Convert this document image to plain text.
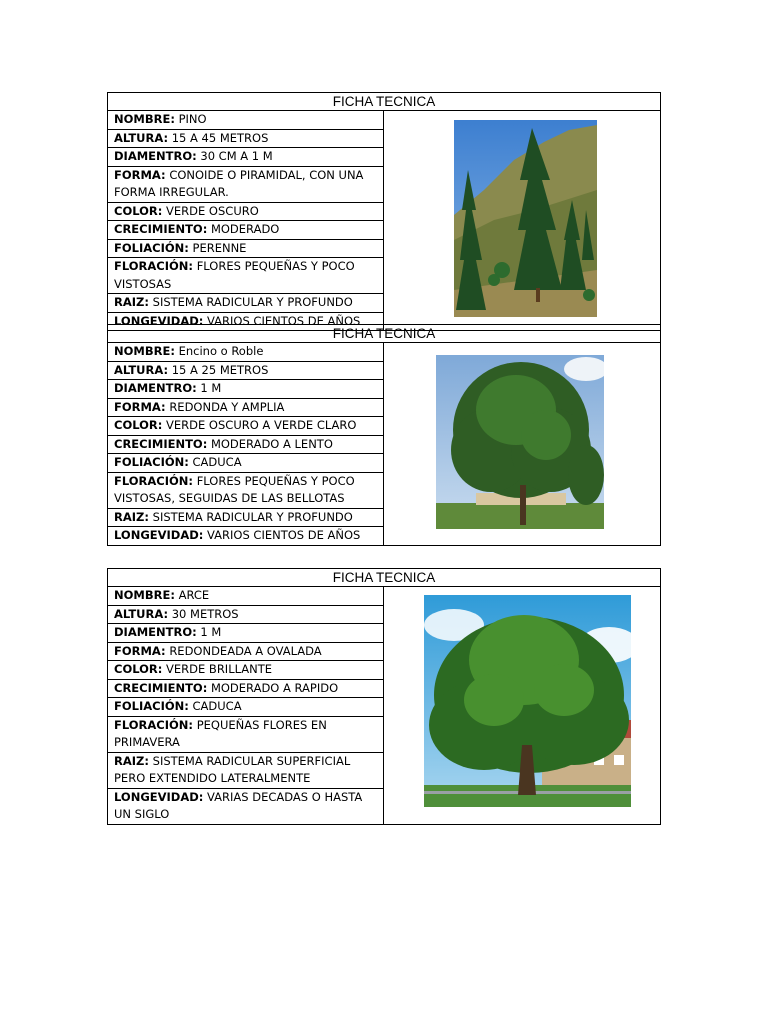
FICHA TECNICA
NOMBRE: PINO
ALTURA: 15 A 45 METROS
DIAMENTRO: 30 CM A 1 M
FORMA: CONOIDE O PIRAMIDAL, CON UNA FORMA IRREGULAR.
COLOR: VERDE OSCURO
CRECIMIENTO: MODERADO
FOLIACIÓN: PERENNE
FLORACIÓN: FLORES PEQUEÑAS Y POCO VISTOSAS
RAIZ: SISTEMA RADICULAR Y PROFUNDO
LONGEVIDAD: VARIOS CIENTOS DE AÑOS
FICHA TECNICA
NOMBRE: Encino o Roble
ALTURA: 15 A 25 METROS
DIAMENTRO: 1 M
FORMA: REDONDA Y AMPLIA
COLOR: VERDE OSCURO A VERDE CLARO
CRECIMIENTO: MODERADO A LENTO
FOLIACIÓN: CADUCA
FLORACIÓN: FLORES PEQUEÑAS Y POCO VISTOSAS, SEGUIDAS DE LAS BELLOTAS
RAIZ: SISTEMA RADICULAR Y PROFUNDO
LONGEVIDAD: VARIOS CIENTOS DE AÑOS
FICHA TECNICA
NOMBRE: ARCE
ALTURA: 30 METROS
DIAMENTRO: 1 M
FORMA: REDONDEADA A OVALADA
COLOR: VERDE BRILLANTE
CRECIMIENTO: MODERADO A RAPIDO
FOLIACIÓN: CADUCA
FLORACIÓN: PEQUEÑAS FLORES EN PRIMAVERA
RAIZ: SISTEMA RADICULAR SUPERFICIAL PERO EXTENDIDO LATERALMENTE
LONGEVIDAD: VARIAS DECADAS O HASTA UN SIGLO
